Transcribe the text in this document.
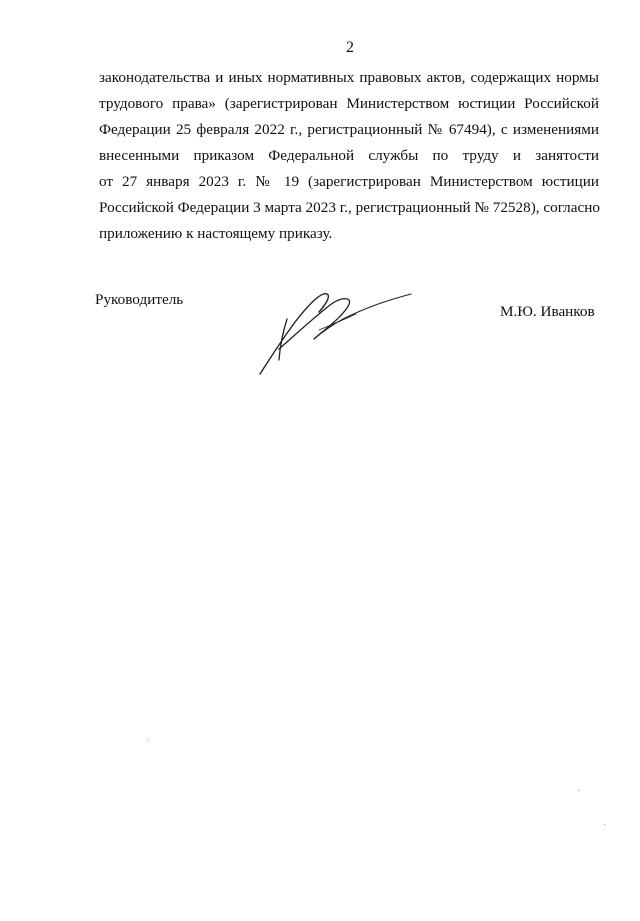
2
законодательства и иных нормативных правовых актов, содержащих нормы
трудового права» (зарегистрирован Министерством юстиции Российской
Федерации 25 февраля 2022 г., регистрационный № 67494), с изменениями
внесенными приказом Федеральной службы по труду и занятости
от 27 января 2023 г. № 19 (зарегистрирован Министерством юстиции
Российской Федерации 3 марта 2023 г., регистрационный № 72528), согласно
приложению к настоящему приказу.
Руководитель
М.Ю. Иванков
